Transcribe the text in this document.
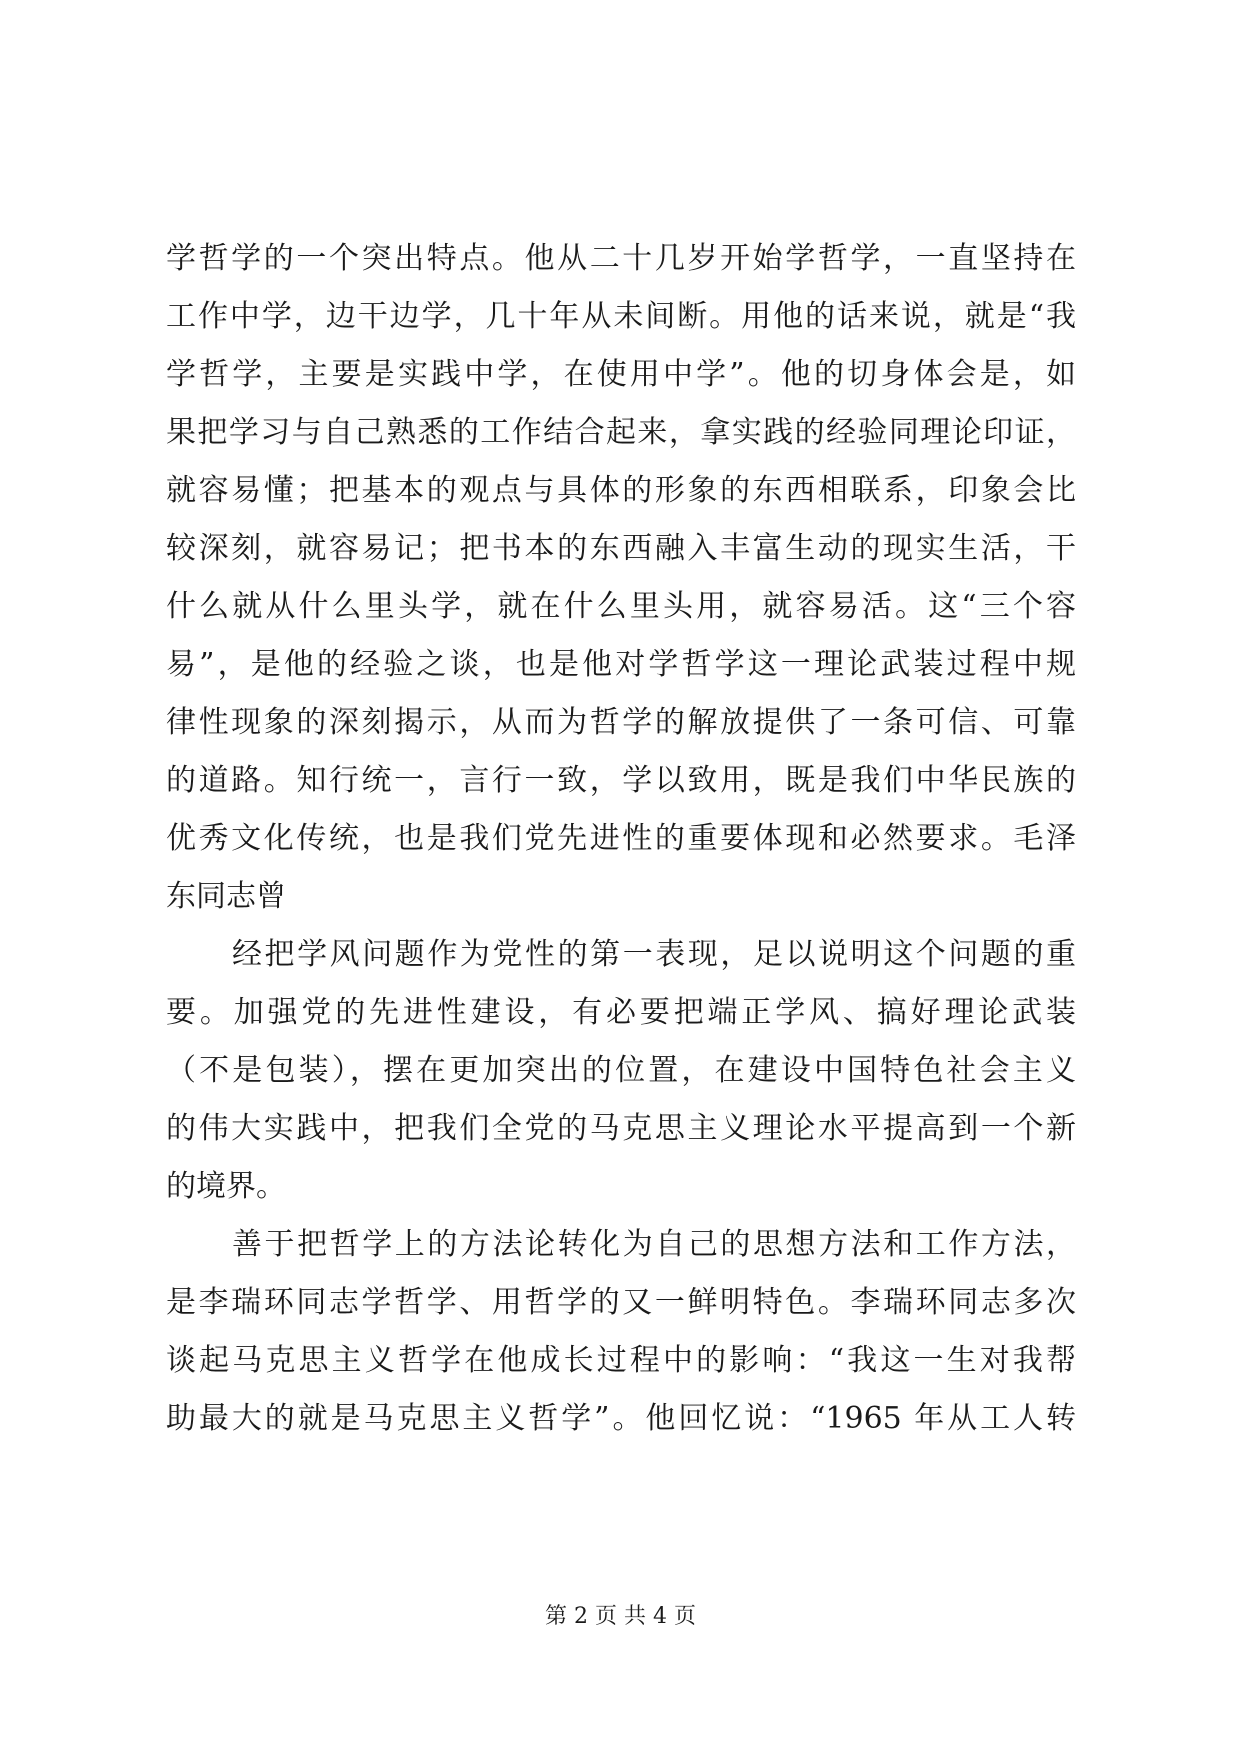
学哲学的一个突出特点。他从二十几岁开始学哲学，一直坚持在
工作中学，边干边学，几十年从未间断。用他的话来说，就是“我
学哲学，主要是实践中学，在使用中学”。他的切身体会是，如
果把学习与自己熟悉的工作结合起来，拿实践的经验同理论印证，
就容易懂；把基本的观点与具体的形象的东西相联系，印象会比
较深刻，就容易记；把书本的东西融入丰富生动的现实生活，干
什么就从什么里头学，就在什么里头用，就容易活。这“三个容
易”，是他的经验之谈，也是他对学哲学这一理论武装过程中规
律性现象的深刻揭示，从而为哲学的解放提供了一条可信、可靠
的道路。知行统一，言行一致，学以致用，既是我们中华民族的
优秀文化传统，也是我们党先进性的重要体现和必然要求。毛泽
东同志曾
经把学风问题作为党性的第一表现，足以说明这个问题的重
要。加强党的先进性建设，有必要把端正学风、搞好理论武装
（不是包装），摆在更加突出的位置，在建设中国特色社会主义
的伟大实践中，把我们全党的马克思主义理论水平提高到一个新
的境界。
善于把哲学上的方法论转化为自己的思想方法和工作方法，
是李瑞环同志学哲学、用哲学的又一鲜明特色。李瑞环同志多次
谈起马克思主义哲学在他成长过程中的影响：“我这一生对我帮
助最大的就是马克思主义哲学”。他回忆说：“1965 年从工人转
第 2 页 共 4 页
